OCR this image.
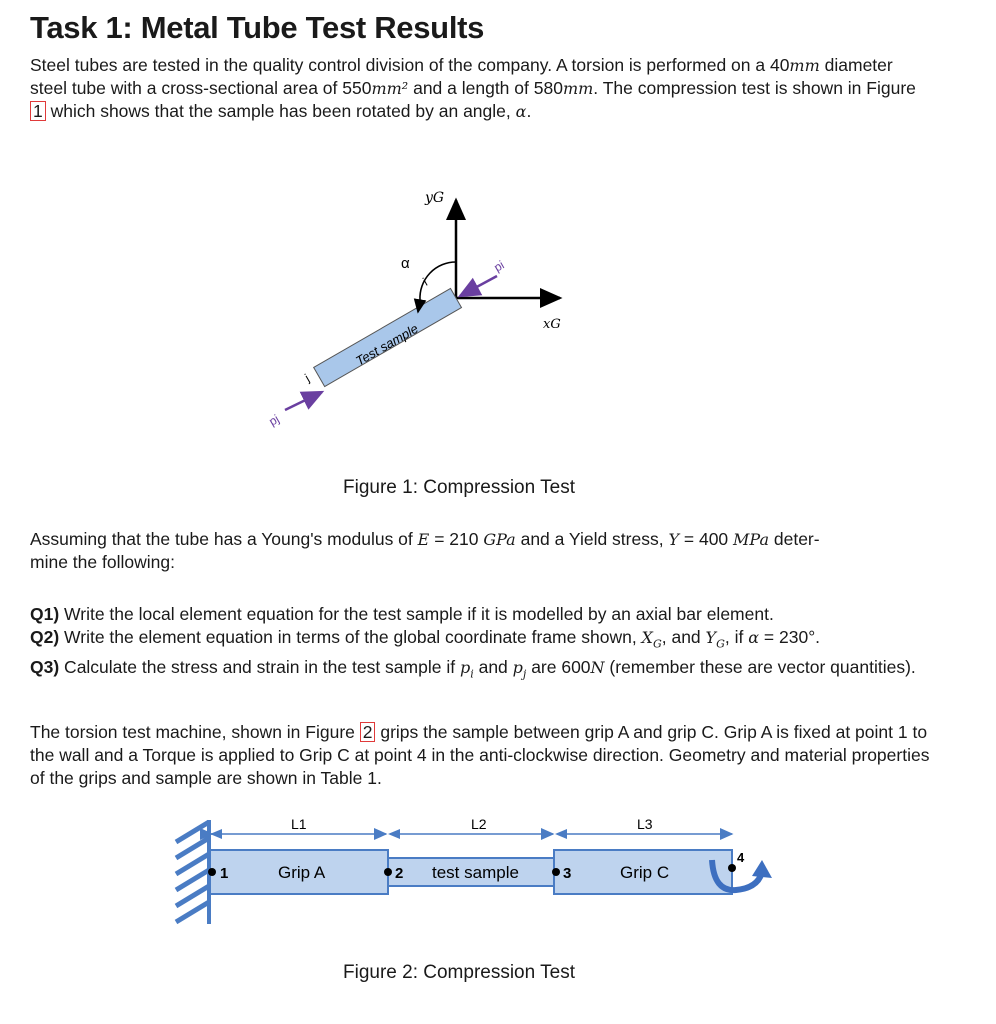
Task 1: Metal Tube Test Results

Steel tubes are tested in the quality control division of the company. A torsion is performed on a 40mm diameter steel tube with a cross-sectional area of 550mm² and a length of 580mm. The compression test is shown in Figure 1 which shows that the sample has been rotated by an angle, α.

yG
xG
α
i
j
pi
pj
Test sample

Figure 1: Compression Test

Assuming that the tube has a Young's modulus of E = 210 GPa and a Yield stress, Y = 400 MPa deter-
mine the following:

Q1) Write the local element equation for the test sample if it is modelled by an axial bar element.
Q2) Write the element equation in terms of the global coordinate frame shown, $X_G$, and $Y_G$, if α = 230°.
Q3) Calculate the stress and strain in the test sample if $p_i$ and $p_j$ are 600N (remember these are vector quantities).

The torsion test machine, shown in Figure 2 grips the sample between grip A and grip C. Grip A is fixed at point 1 to the wall and a Torque is applied to Grip C at point 4 in the anti-clockwise direction. Geometry and material properties of the grips and sample are shown in Table 1.

L1	L2	L3
Grip A	test sample	Grip C
1	2	3
4

Figure 2: Compression Test
